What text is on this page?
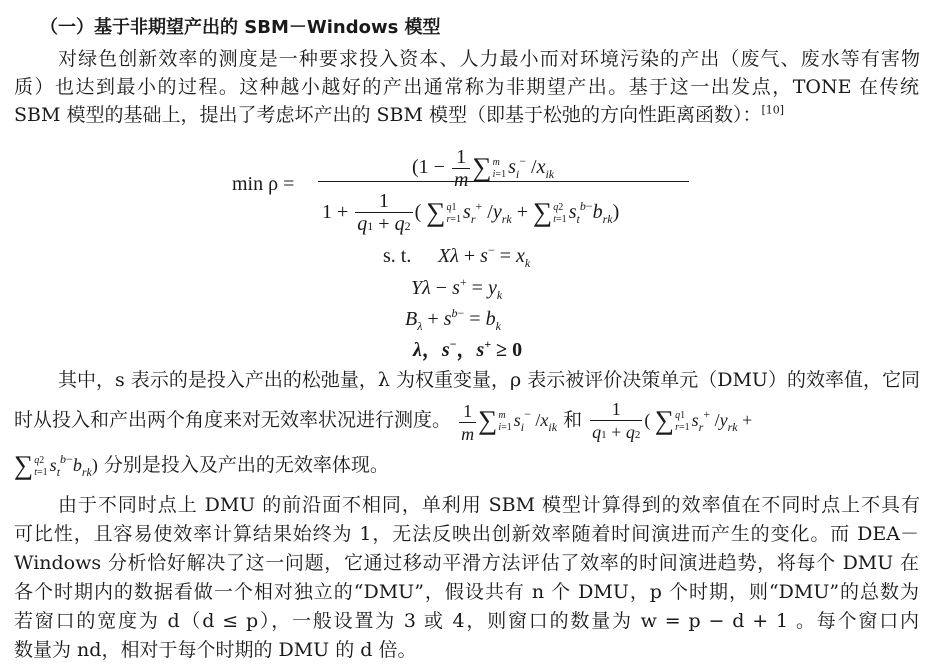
（一）基于非期望产出的 SBM－Windows 模型
对绿色创新效率的测度是一种要求投入资本、人力最小而对环境污染的产出（废气、废水等有害物
质）也达到最小的过程。这种越小越好的产出通常称为非期望产出。基于这一出发点，TONE 在传统
SBM 模型的基础上，提出了考虑坏产出的 SBM 模型（即基于松弛的方向性距离函数）：[10]
($1 - \frac{1}{m}$ ∑ m
i=1 $s_i^-$ $/x_{ik}$
min ρ =
$1 + \frac{1}{q1 + q2}$ ( ∑ q1
r=1 $s_r^+$ $/y_{rk}$ + ∑ q2
t=1 $s_t^{b-}b_{rk}$)
s. t. $X\lambda + s^- = x_k$
$Y\lambda - s^+ = y_k$
$B_\lambda + s^{b-} = b_k$
λ，s−，s+ ≥ 0
其中，s 表示的是投入产出的松弛量，λ 为权重变量，ρ 表示被评价决策单元（DMU）的效率值，它同
时从投入和产出两个角度来对无效率状况进行测度。 $\frac{1}{m}$ ∑ m
i=1 $s_i^-$ $/x_{ik}$ 和 $\frac{1}{q1 + q2}$ ( ∑ q1
r=1 $s_r^+$ $/y_{rk}$ +
∑ q2
t=1 $s_t^{b-}b_{rk}$) 分别是投入及产出的无效率体现。
由于不同时点上 DMU 的前沿面不相同，单利用 SBM 模型计算得到的效率值在不同时点上不具有
可比性，且容易使效率计算结果始终为 1，无法反映出创新效率随着时间演进而产生的变化。而 DEA－
Windows 分析恰好解决了这一问题，它通过移动平滑方法评估了效率的时间演进趋势，将每个 DMU 在
各个时期内的数据看做一个相对独立的“DMU”，假设共有 n 个 DMU，p 个时期，则“DMU”的总数为
若窗口的宽度为 d（d ≤ p），一般设置为 3 或 4，则窗口的数量为 w = p − d + 1 。每个窗口内
数量为 nd，相对于每个时期的 DMU 的 d 倍。
